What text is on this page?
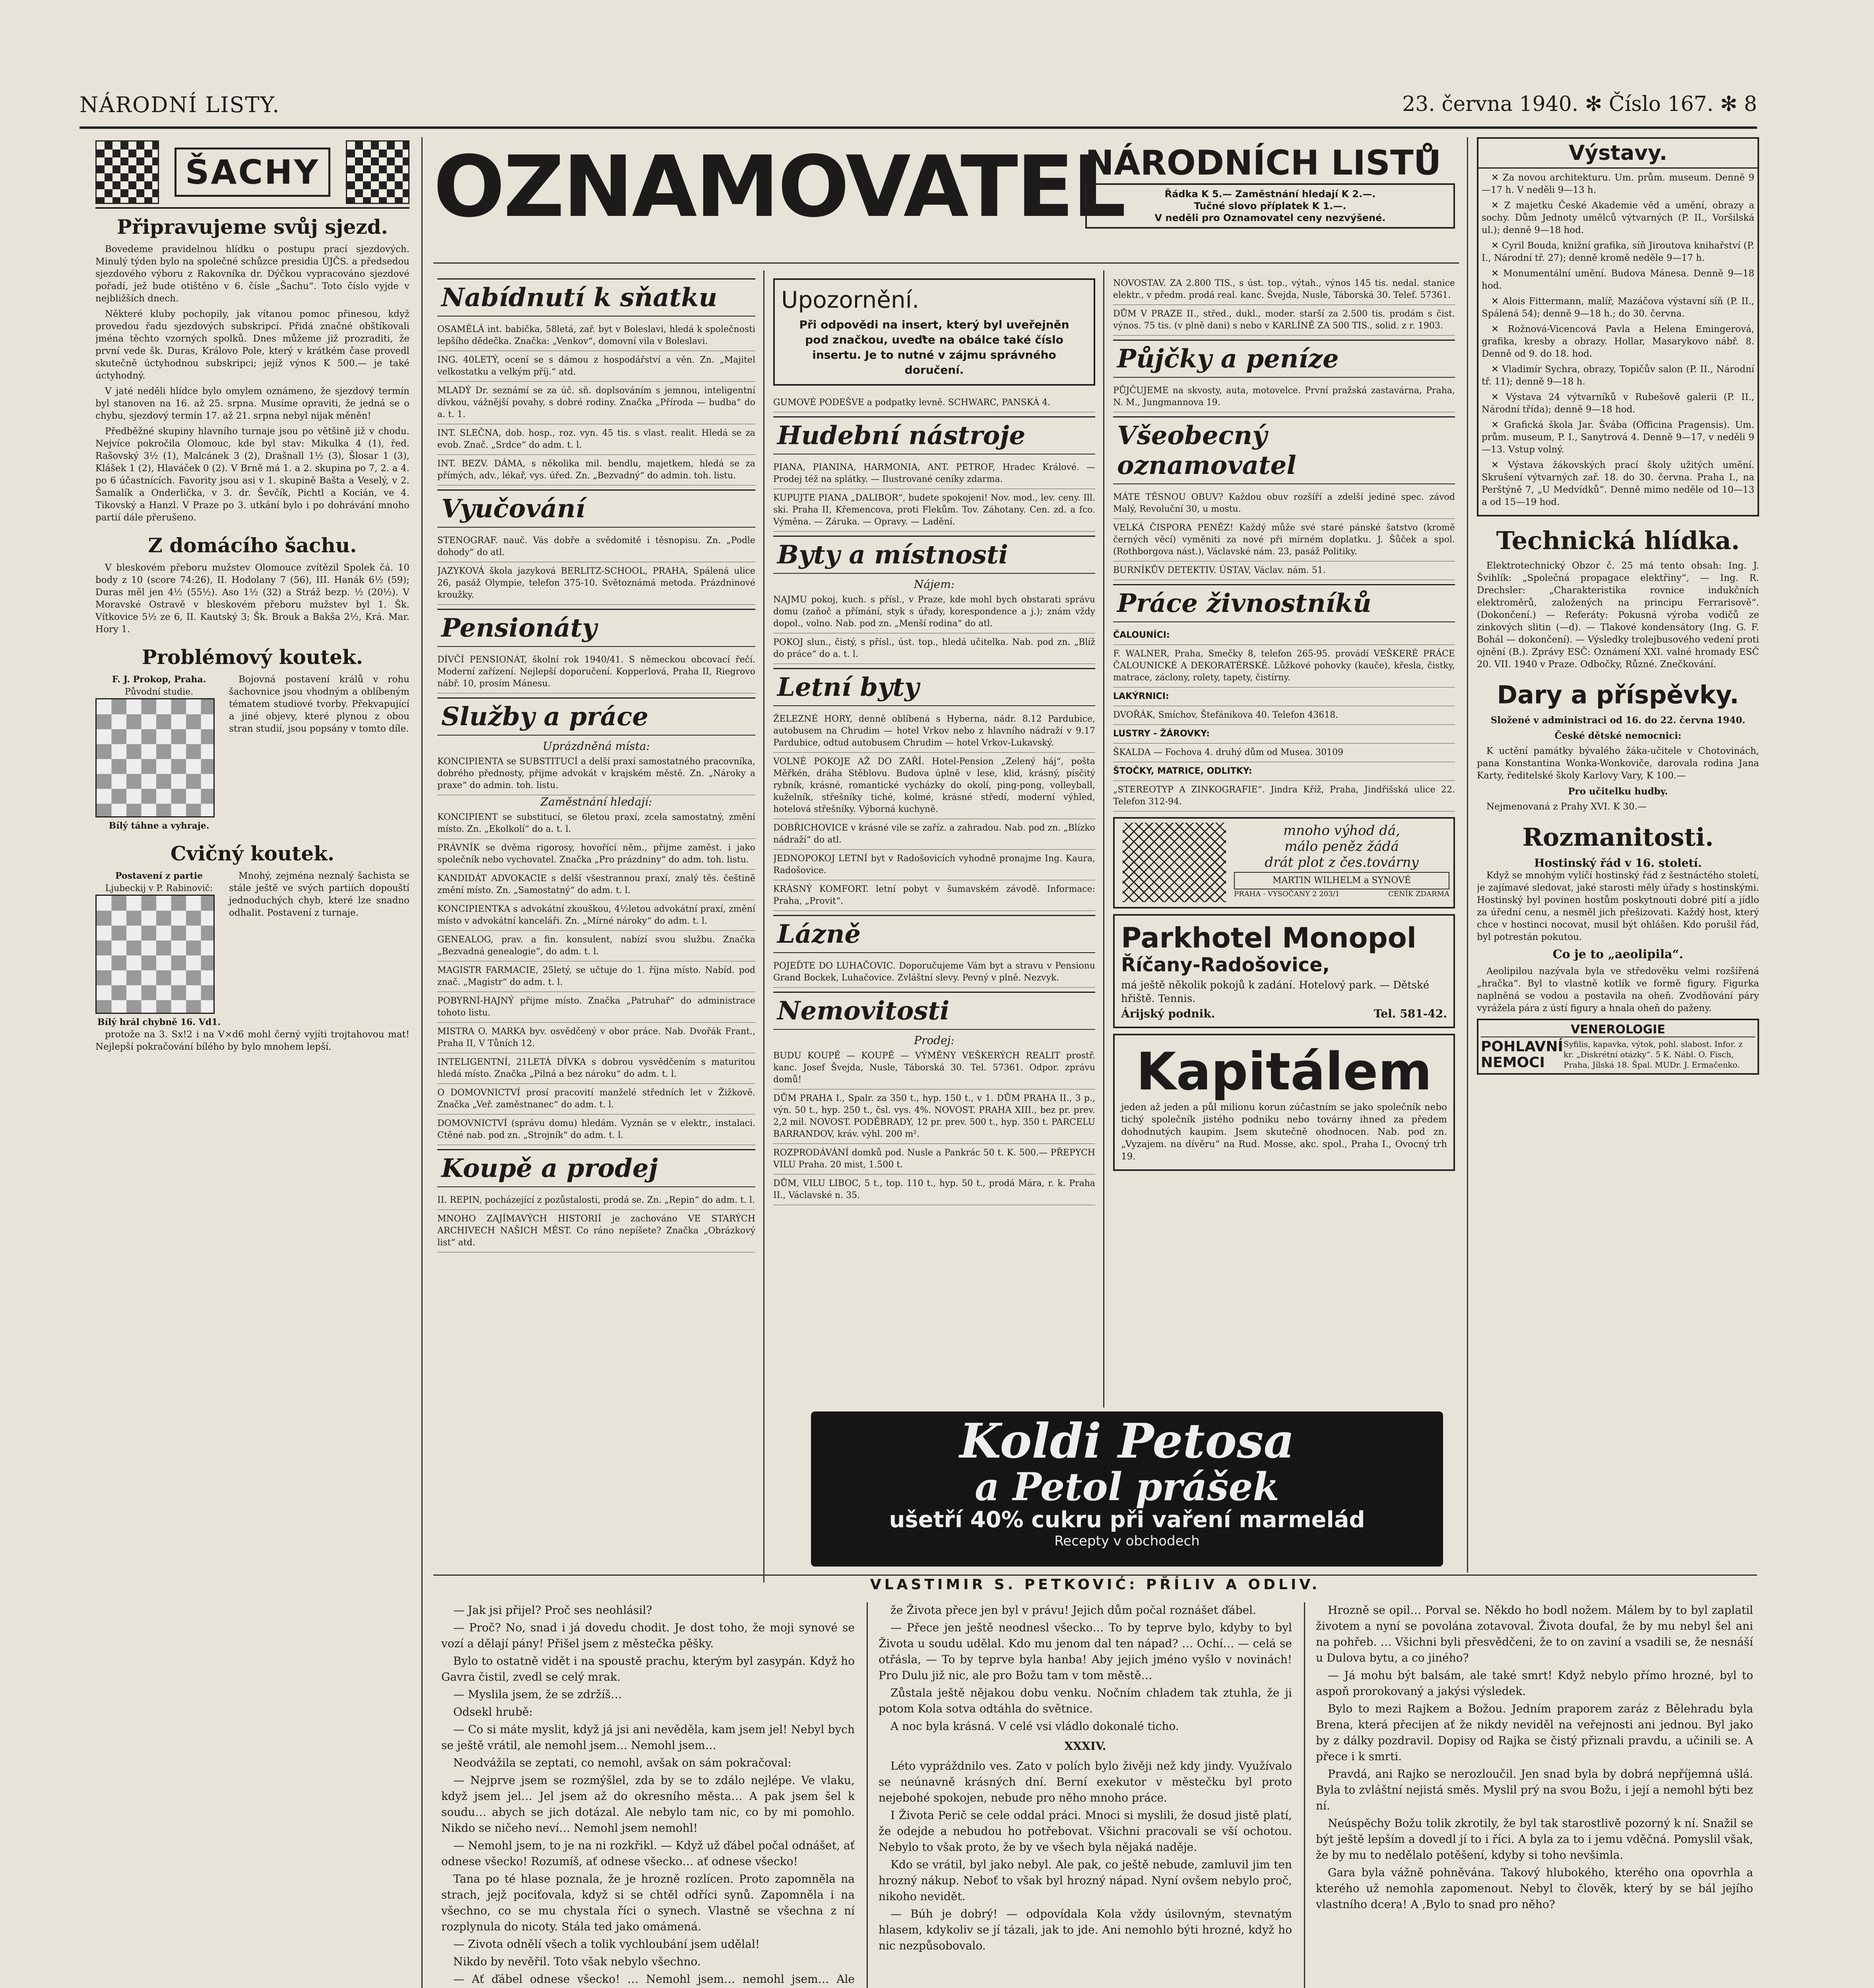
NÁRODNÍ LISTY.	23. června 1940. ✻ Číslo 167. ✻ 8
ŠACHY
Připravujeme svůj sjezd.

Bovedeme pravidelnou hlídku o postupu prací sjezdových. Minulý týden bylo na společné schůzce presidia ÚJČS. a předsedou sjezdového výboru z Rakovníka dr. Dýčkou vypracováno sjezdové pořadí, jež bude otištěno v 6. čísle „Šachu“. Toto číslo vyjde v nejbližších dnech.

Některé kluby pochopily, jak vítanou pomoc přinesou, když provedou řadu sjezdových subskripcí. Přidá značné obštíkovali jména těchto vzorných spolků. Dnes můžeme již prozraditi, že první vede šk. Duras, Královo Pole, který v krátkém čase provedl skutečně úctyhodnou subskripci; jejíž výnos K 500.— je také úctyhodný.

V jaté neděli hlídce bylo omylem oznámeno, že sjezdový termín byl stanoven na 16. až 25. srpna. Musíme opraviti, že jedná se o chybu, sjezdový termín 17. až 21. srpna nebyl nijak měněn!

Předběžné skupiny hlavního turnaje jsou po většině již v chodu. Nejvíce pokročila Olomouc, kde byl stav: Mikulka 4 (1), řed. Rašovský 3½ (1), Malcánek 3 (2), Drašnall 1½ (3), Šlosar 1 (3), Klášek 1 (2), Hlaváček 0 (2). V Brně má 1. a 2. skupina po 7, 2. a 4. po 6 účastnících. Favority jsou asi v 1. skupině Bašta a Veselý, v 2. Šamalík a Onderlička, v 3. dr. Ševčík, Pichtl a Kocián, ve 4. Tikovský a Hanzl. V Praze po 3. utkání bylo i po dohrávání mnoho partií dále přerušeno.

Z domácího šachu.

V bleskovém přeboru mužstev Olomouce zvítězil Spolek čá. 10 body z 10 (score 74:26), II. Hodolany 7 (56), III. Hanák 6½ (59); Duras měl jen 4½ (55½). Aso 1½ (32) a Stráž bezp. ½ (20½). V Moravské Ostravě v bleskovém přeboru mužstev byl 1. Šk. Vítkovice 5½ ze 6, II. Kautský 3; Šk. Brouk a Bakša 2½, Krá. Mar. Hory 1.

Problémový koutek.
F. J. Prokop, Praha.
Původní studie.
Bílý táhne a vyhraje.

Bojovná postavení králů v rohu šachovnice jsou vhodným a oblíbeným tématem studiové tvorby. Překvapující a jiné objevy, které plynou z obou stran studií, jsou popsány v tomto díle.

Cvičný koutek.
Postavení z partie
Ljubeckij v P. Rabinovič:
Bílý hrál chybně 16. Vd1.

Mnohý, zejména neznalý šachista se stále ještě ve svých partiích dopouští jednoduchých chyb, které lze snadno odhalit. Postavení z turnaje.

protože na 3. Sx!2 i na V×d6 mohl černý vyjíti trojtahovou mat! Nejlepší pokračování bílého by bylo mnohem lepší.

OZNAMOVATEL
NÁRODNÍCH LISTŮ
Řádka K 5.— Zaměstnání hledají K 2.—.
Tučné slovo příplatek K 1.—.
V neděli pro Oznamovatel ceny nezvýšené.
Nabídnutí k sňatku
OSAMĚLÁ int. babička, 58letá, zař. byt v Boleslavi, hledá k společnosti lepšího dědečka. Značka: „Venkov“, domovní vila v Boleslavi.
ING. 40LETÝ, ocení se s dámou z hospodářství a věn. Zn. „Majitel velkostatku a velkým příj.“ atd.
MLADÝ Dr. seznámí se za úč. sň. doplsováním s jemnou, inteligentní dívkou, vážnější povahy, s dobré rodiny. Značka „Příroda — budba“ do a. t. 1.
INT. SLEČNA, dob. hosp., roz. vyn. 45 tis. s vlast. realit. Hledá se za evob. Znač. „Srdce“ do adm. t. l.
INT. BEZV. DÁMA, s několika mil. bendlu, majetkem, hledá se za přímých, adv., lékař, vys. úřed. Zn. „Bezvadný“ do admin. toh. listu.
Vyučování
STENOGRAF. nauč. Vás dobře a svědomitě i těsnopisu. Zn. „Podle dohody“ do atl.
JAZYKOVÁ škola jazyková BERLITZ-SCHOOL, PRAHA, Spálená ulice 26, pasáž Olympie, telefon 375-10. Světoznámá metoda. Prázdninové kroužky.
Pensionáty
DÍVČÍ PENSIONÁT, školní rok 1940/41. S německou obcovací řečí. Moderní zařízení. Nejlepší doporučení. Kopperlová, Praha II, Riegrovo nábř. 10, prosím Mánesu.
Služby a práce
Uprázdněná místa:
KONCIPIENTA se SUBSTITUCÍ a delší praxí samostatného pracovníka, dobrého přednosty, přijme advokát v krajském městě. Zn. „Nároky a praxe“ do admin. toh. listu.
Zaměstnání hledají:
KONCIPIENT se substitucí, se 6letou praxí, zcela samostatný, změní místo. Zn. „Ekolkolí“ do a. t. l.
PRÁVNÍK se dvěma rigorosy, hovořící něm., přijme zaměst. i jako společník nebo vychovatel. Značka „Pro prázdniny“ do adm. toh. listu.
KANDIDÁT ADVOKACIE s delší všestrannou praxí, znalý těs. češtině změní místo. Zn. „Samostatný“ do adm. t. l.
KONCIPIENTKA s advokátní zkouškou, 4½letou advokátní praxí, změní místo v advokátní kanceláři. Zn. „Mírné nároky“ do adm. t. l.
GENEALOG, prav. a fin. konsulent, nabízí svou službu. Značka „Bezvadná genealogie“, do adm. t. l.
MAGISTR FARMACIE, 25letý, se učtuje do 1. října místo. Nabíd. pod znač. „Magistr“ do adm. t. l.
POBYRNÍ-HAJNÝ přijme místo. Značka „Patruhař“ do administrace tohoto listu.
MISTRA O. MARKA byv. osvědčený v obor práce. Nab. Dvořák Frant., Praha II, V Tůních 12.
INTELIGENTNÍ, 21LETÁ DÍVKA s dobrou vysvědčením s maturitou hledá místo. Značka „Pilná a bez nároku“ do adm. t. l.
O DOMOVNICTVÍ prosí pracovití manželé středních let v Žižkově. Značka „Veř. zaměstnanec“ do adm. t. l.
DOMOVNICTVÍ (správu domu) hledám. Vyznán se v elektr., instalaci. Ctěné nab. pod zn. „Strojník“ do adm. t. l.
Koupě a prodej
II. REPIN, pocházející z pozůstalosti, prodá se. Zn. „Repin“ do adm. t. l.
MNOHO ZAJÍMAVÝCH HISTORIÍ je zachováno VE STARÝCH ARCHIVECH NAŠICH MĚST. Co ráno nepíšete? Značka „Obrázkový list“ atd.
Upozornění.
Při odpovědi na insert, který byl uveřejněn pod značkou, uveďte na obálce také číslo insertu. Je to nutné v zájmu správného doručení.
GUMOVÉ PODEŠVE a podpatky levně. SCHWARC, PANSKÁ 4.
Hudební nástroje
PIANA, PIANINA, HARMONIA, ANT. PETROF, Hradec Králové. — Prodej též na splátky. — Ilustrované ceníky zdarma.
KUPUJTE PIANA „DALIBOR“, budete spokojeni! Nov. mod., lev. ceny. Ill. ski. Praha II, Křemencova, proti Flekům. Tov. Záhotany. Cen. zd. a fco. Výměna. — Záruka. — Opravy. — Ladění.
Byty a místnosti
Nájem:
NAJMU pokoj, kuch. s přísl., v Praze, kde mohl bych obstarati správu domu (zaňoč a přímání, styk s úřady, korespondence a j.); znám vždy dopol., volno. Nab. pod zn. „Menší rodina“ do atl.
POKOJ slun., čistý, s přísl., úst. top., hledá učitelka. Nab. pod zn. „Blíž do práce“ do a. t. l.
Letní byty
ŽELEZNÉ HORY, denně oblíbená s Hyberna, nádr. 8.12 Pardubice, autobusem na Chrudim — hotel Vrkov nebo z hlavního nádraží v 9.17 Pardubice, odtud autobusem Chrudim — hotel Vrkov-Lukavský.
VOLNÉ POKOJE AŽ DO ZAŘÍ. Hotel-Pension „Zelený háj“, pošta Měřkén, dráha Stěblovu. Budova úplně v lese, klid, krásný, písčitý rybník, krásné, romantické vycházky do okolí, ping-pong, volleyball, kuželník, střešníky tiché, kolmé, krásné středí, moderní výhled, hotelová střešníky. Výborná kuchyně.
DOBŘICHOVICE v krásné vile se zaříz. a zahradou. Nab. pod zn. „Blízko nádraží“ do atl.
JEDNOPOKOJ LETNÍ byt v Radošovicích vyhodně pronajme Ing. Kaura, Radošovice.
KRÁSNÝ KOMFORT. letní pobyt v šumavském závodě. Informace: Praha, „Provit“.
Lázně
POJEĎTE DO LUHAČOVIC. Doporučujeme Vám byt a stravu v Pensionu Grand Bockek, Luhačovice. Zvláštní slevy. Pevný v plně. Nezvyk.
Nemovitosti
Prodej:
BUDU KOUPĚ — KOUPĚ — VÝMĚNY VEŠKERÝCH REALIT prostř. kanc. Josef Švejda, Nusle, Táborská 30. Tel. 57361. Odpor. zprávu domů!
DŮM PRAHA I., Spalr. za 350 t., hyp. 150 t., v 1. DŮM PRAHA II., 3 p., výn. 50 t., hyp. 250 t., čsl. vys. 4%. NOVOST. PRAHA XIII., bez pr. prev. 2,2 mil. NOVOST. PODĚBRADY, 12 pr. prev. 500 t., hyp. 350 t. PARCELU BARRANDOV, kráv. výhl. 200 m².
ROZPRODÁVÁNÍ domků pod. Nusle a Pankrác 50 t. K. 500.— PŘEPYCH VILU Praha. 20 mist, 1.500 t.
DŮM, VILU LIBOC, 5 t., top. 110 t., hyp. 50 t., prodá Mára, r. k. Praha II., Václavské n. 35.
NOVOSTAV. ZA 2.800 TIS., s úst. top., výtah., výnos 145 tis. nedal. stanice elektr., v předm. prodá real. kanc. Švejda, Nusle, Táborská 30. Telef. 57361.
DŮM V PRAZE II., střed., dukl., moder. starší za 2.500 tis. prodám s čist. výnos. 75 tis. (v plně dani) s nebo v KARLÍNĚ ZA 500 TIS., solid. z r. 1903.
Půjčky a peníze
PŮJČUJEME na skvosty, auta, motovelce. První pražská zastavárna, Praha, N. M., Jungmannova 19.
Všeobecný oznamovatel
MÁTE TĚSNOU OBUV? Každou obuv rozšíří a zdelší jediné spec. závod Malý, Revoluční 30, u mostu.
VELKÁ ČISPORA PENĚZ! Každý může své staré pánské šatstvo (kromě černých věcí) vyměniti za nové při mírném doplatku. J. Šůček a spol. (Rothborgova nást.), Václavské nám. 23, pasáž Politiky.
BURNÍKŮV DETEKTIV. ÚSTAV, Václav. nám. 51.
Práce živnostníků
ČALOUNÍCI:
F. WALNER, Praha, Smečky 8, telefon 265-95. provádí VEŠKERÉ PRÁCE ČALOUNICKÉ A DEKORATÉRSKÉ. Lůžkové pohovky (kauče), křesla, čistky, matrace, záclony, rolety, tapety, čistírny.
LAKÝRNICI:
DVOŘÁK, Smíchov, Štefánikova 40. Telefon 43618.
LUSTRY - ŽÁROVKY:
ŠKALDA — Fochova 4. druhý dům od Musea. 30109
ŠTOČKY, MATRICE, ODLITKY:
„STEREOTYP A ZINKOGRAFIE“. Jindra Kříž, Praha, Jindřišská ulice 22. Telefon 312-94.
mnoho výhod dá,
málo peněz žádá
drát plot z čes.továrny
MARTIN WILHELM a SYNOVÉ
PRAHA - VYSOČANY 2 203/1	CENÍK ZDARMA
Parkhotel Monopol
Říčany-Radošovice,
má ještě několik pokojů k zadání. Hotelový park. — Dětské hřiště. Tennis.
Árijský podnik.	Tel. 581-42.
Kapitálem
jeden až jeden a půl milionu korun zúčastním se jako společník nebo tichý společník jistého podniku nebo továrny ihned za předem dohodnutých kaupim. Jsem skutečně ohodnocen. Nab. pod zn. „Vyzajem. na dívěru“ na Rud. Mosse, akc. spol., Praha I., Ovocný trh 19.
Koldi Petosa
a Petol prášek
ušetří 40% cukru při vaření marmelád
Recepty v obchodech
Výstavy.

✕ Za novou architekturu. Um. prům. museum. Denně 9—17 h. V neděli 9—13 h.

✕ Z majetku České Akademie věd a umění, obrazy a sochy. Dům Jednoty umělců výtvarných (P. II., Voršilská ul.); denně 9—18 hod.

✕ Cyril Bouda, knižní grafika, síň Jiroutova knihařství (P. I., Národní tř. 27); denně kromě neděle 9—17 h.

✕ Monumentální umění. Budova Mánesa. Denně 9—18 hod.

✕ Alois Fittermann, malíř, Mazáčova výstavní síň (P. II., Spálená 54); denně 9—18 h.; do 30. června.

✕ Rožnová-Vicencová Pavla a Helena Emingerová, grafika, kresby a obrazy. Hollar, Masarykovo nábř. 8. Denně od 9. do 18. hod.

✕ Vladimír Sychra, obrazy, Topičův salon (P. II., Národní tř. 11); denně 9—18 h.

✕ Výstava 24 výtvarníků v Rubešově galerii (P. II., Národní třída); denně 9—18 hod.

✕ Grafická škola Jar. Švába (Officina Pragensis). Um. prům. museum, P. I., Sanytrová 4. Denně 9—17, v neděli 9—13. Vstup volný.

✕ Výstava žákovských prací školy užitých umění. Skrušení výtvarných zař. 18. do 30. června. Praha I., na Perštýně 7, „U Medvídků“. Denně mimo neděle od 10—13 a od 15—19 hod.

Technická hlídka.

Elektrotechnický Obzor č. 25 má tento obsah: Ing. J. Švihlík: „Společná propagace elektřiny“, — Ing. R. Drechsler: „Charakteristika rovnice indukčních elektroměrů, založených na principu Ferrarisově“. (Dokončení.) — Referáty: Pokusná výroba vodičů ze zinkových slitin (—d). — Tlakové kondensátory (Ing. G. F. Bohál — dokončení). — Výsledky trolejbusového vedení proti ojnění (B.). Zprávy ESČ: Oznámení XXI. valné hromady ESČ 20. VII. 1940 v Praze. Odbočky, Různé. Znečkování.

Dary a příspěvky.

Složené v administraci od 16. do 22. června 1940.

České dětské nemocnici:

K uctění památky bývalého žáka-učitele v Chotovinách, pana Konstantina Wonka-Wonkoviče, darovala rodina Jana Karty, ředitelské školy Karlovy Vary, K 100.—

Pro učitelku hudby.

Nejmenovaná z Prahy XVI. K 30.—

Rozmanitosti.
Hostinský řád v 16. století.

Když se mnohým vylíčí hostinský řád z šestnáctého století, je zajímavé sledovat, jaké starosti měly úřady s hostinskými. Hostinský byl povinen hostům poskytnouti dobré pití a jídlo za úřední cenu, a nesměl jich přešizovati. Každý host, který chce v hostinci nocovat, musil být ohlášen. Kdo porušil řád, byl potrestán pokutou.

Co je to „aeolipila“.

Aeolipilou nazývala byla ve středověku velmi rozšířená „hračka“. Byl to vlastně kotlík ve formě figury. Figurka naplněná se vodou a postavila na oheň. Zvodňování páry vyrážela pára z ústí figury a hnala oheň do paženy.

VENEROLOGIE
POHLAVNÍ NEMOCI
Syfilis, kapavka, výtok, pohl. slabost. Infor. z kr. „Diskrétní otázky“. 5 K. Nábl. O. Fisch, Praha, Jílská 18. Špal. MUDr. J. Ermačenko.
VLASTIMIR S. PETKOVIĆ: PŘÍLIV A ODLIV.

— Jak jsi přijel? Proč ses neohlásil?

— Proč? No, snad i já dovedu chodit. Je dost toho, že moji synové se vozí a dělají pány! Přišel jsem z městečka pěšky.

Bylo to ostatně vidět i na spoustě prachu, kterým byl zasypán. Když ho Gavra čistil, zvedl se celý mrak.

— Myslila jsem, že se zdržíš…

Odsekl hrubě:

— Co si máte myslit, když já jsi ani nevěděla, kam jsem jel! Nebyl bych se ještě vrátil, ale nemohl jsem… Nemohl jsem…

Neodvážila se zeptati, co nemohl, avšak on sám pokračoval:

— Nejprve jsem se rozmýšlel, zda by se to zdálo nejlépe. Ve vlaku, když jsem jel… Jel jsem až do okresního města… A pak jsem šel k soudu… abych se jich dotázal. Ale nebylo tam nic, co by mi pomohlo. Nikdo se ničeho neví… Nemohl jsem nemohl!

— Nemohl jsem, to je na ni rozkřikl. — Když už ďábel počal odnášet, ať odnese všecko! Rozumíš, ať odnese všecko… ať odnese všecko!

Tana po té hlase poznala, že je hrozně rozlícen. Proto zapomněla na strach, jejž pociťovala, když si se chtěl odříci synů. Zapomněla i na všechno, co se mu chystala říci o synech. Vlastně se všechna z ní rozplynula do nicoty. Stála ted jako omámená.

— Zivota odnělí všech a tolik vychloubání jsem udělal!

Nikdo by nevěřil. Toto však nebylo všechno.

— Ať ďábel odnese všecko! … Nemohl jsem… nemohl jsem… Ale

že Života přece jen byl v právu! Jejich dům počal roznášet ďábel.

— Přece jen ještě neodnesl všecko… To by teprve bylo, kdyby to byl Života u soudu udělal. Kdo mu jenom dal ten nápad? … Ochí… — celá se otřásla, — To by teprve byla hanba! Aby jejich jméno vyšlo v novinách! Pro Dulu již nic, ale pro Božu tam v tom městě…

Zůstala ještě nějakou dobu venku. Nočním chladem tak ztuhla, že ji potom Kola sotva odtáhla do světnice.

A noc byla krásná. V celé vsi vládlo dokonalé ticho.

XXXIV.

Léto vypráždnilo ves. Zato v polích bylo živěji než kdy jindy. Využívalo se neúnavně krásných dní. Berní exekutor v městečku byl proto nejebohé spokojen, nebude pro něho mnoho práce.

I Života Perič se cele oddal práci. Mnoci si myslili, že dosud jistě platí, že odejde a nebudou ho potřebovat. Všichni pracovali se vší ochotou. Nebylo to však proto, že by ve všech byla nějaká naděje.

Kdo se vrátil, byl jako nebyl. Ale pak, co ještě nebude, zamluvil jim ten hrozný nákup. Neboť to však byl hrozný nápad. Nyní ovšem nebylo proč, nikoho nevidět.

— Búh je dobrý! — odpovídala Kola vždy úsilovným, stevnatým hlasem, kdykoliv se jí tázali, jak to jde. Ani nemohlo býti hrozné, když ho nic nezpůsobovalo.

Hrozně se opil… Porval se. Někdo ho bodl nožem. Málem by to byl zaplatil životem a nyní se povolána zotavoval. Života doufal, že by mu nebyl šel ani na pohřeb. … Všichni byli přesvědčeni, že to on zaviní a vsadili se, že nesnáší u Dulova bytu, a co jiného?

— Já mohu být balsám, ale také smrt! Když nebylo přímo hrozné, byl to aspoň prorokovaný a jakýsi výsledek.

Bylo to mezi Rajkem a Božou. Jedním praporem zaráz z Bělehradu byla Brena, která přecijen ať že nikdy neviděl na veřejnosti ani jednou. Byl jako by z dálky pozdravil. Dopisy od Rajka se čistý přiznali pravdu, a učinili se. A přece i k smrti.

Pravdá, ani Rajko se nerozloučil. Jen snad byla by dobrá nepříjemná ušlá. Byla to zvláštní nejistá směs. Myslil prý na svou Božu, i její a nemohl býti bez ní.

Neúspěchy Božu tolik zkrotily, že byl tak starostlivě pozorný k ní. Snažil se být ještě lepším a dovedl jí to i říci. A byla za to i jemu vděčná. Pomyslil však, že by mu to nedělalo potěšení, kdyby si toho nevšimla.

Gara byla vážně pohněvána. Takový hlubokého, kterého ona opovrhla a kterého už nemohla zapomenout. Nebyl to člověk, který by se bál jejího vlastního dcera! A ,Bylo to snad pro něho?
